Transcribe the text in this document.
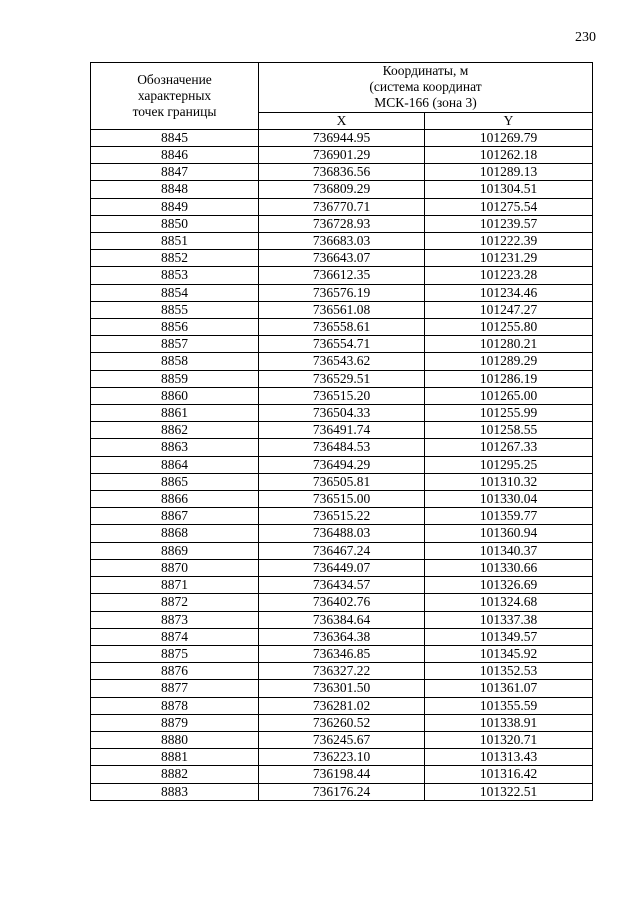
230
Обозначение
характерных
точек границы	Координаты, м
(система координат
МСК-166 (зона 3)	

	X	Y
8845	736944.95	101269.79
8846	736901.29	101262.18
8847	736836.56	101289.13
8848	736809.29	101304.51
8849	736770.71	101275.54
8850	736728.93	101239.57
8851	736683.03	101222.39
8852	736643.07	101231.29
8853	736612.35	101223.28
8854	736576.19	101234.46
8855	736561.08	101247.27
8856	736558.61	101255.80
8857	736554.71	101280.21
8858	736543.62	101289.29
8859	736529.51	101286.19
8860	736515.20	101265.00
8861	736504.33	101255.99
8862	736491.74	101258.55
8863	736484.53	101267.33
8864	736494.29	101295.25
8865	736505.81	101310.32
8866	736515.00	101330.04
8867	736515.22	101359.77
8868	736488.03	101360.94
8869	736467.24	101340.37
8870	736449.07	101330.66
8871	736434.57	101326.69
8872	736402.76	101324.68
8873	736384.64	101337.38
8874	736364.38	101349.57
8875	736346.85	101345.92
8876	736327.22	101352.53
8877	736301.50	101361.07
8878	736281.02	101355.59
8879	736260.52	101338.91
8880	736245.67	101320.71
8881	736223.10	101313.43
8882	736198.44	101316.42
8883	736176.24	101322.51
